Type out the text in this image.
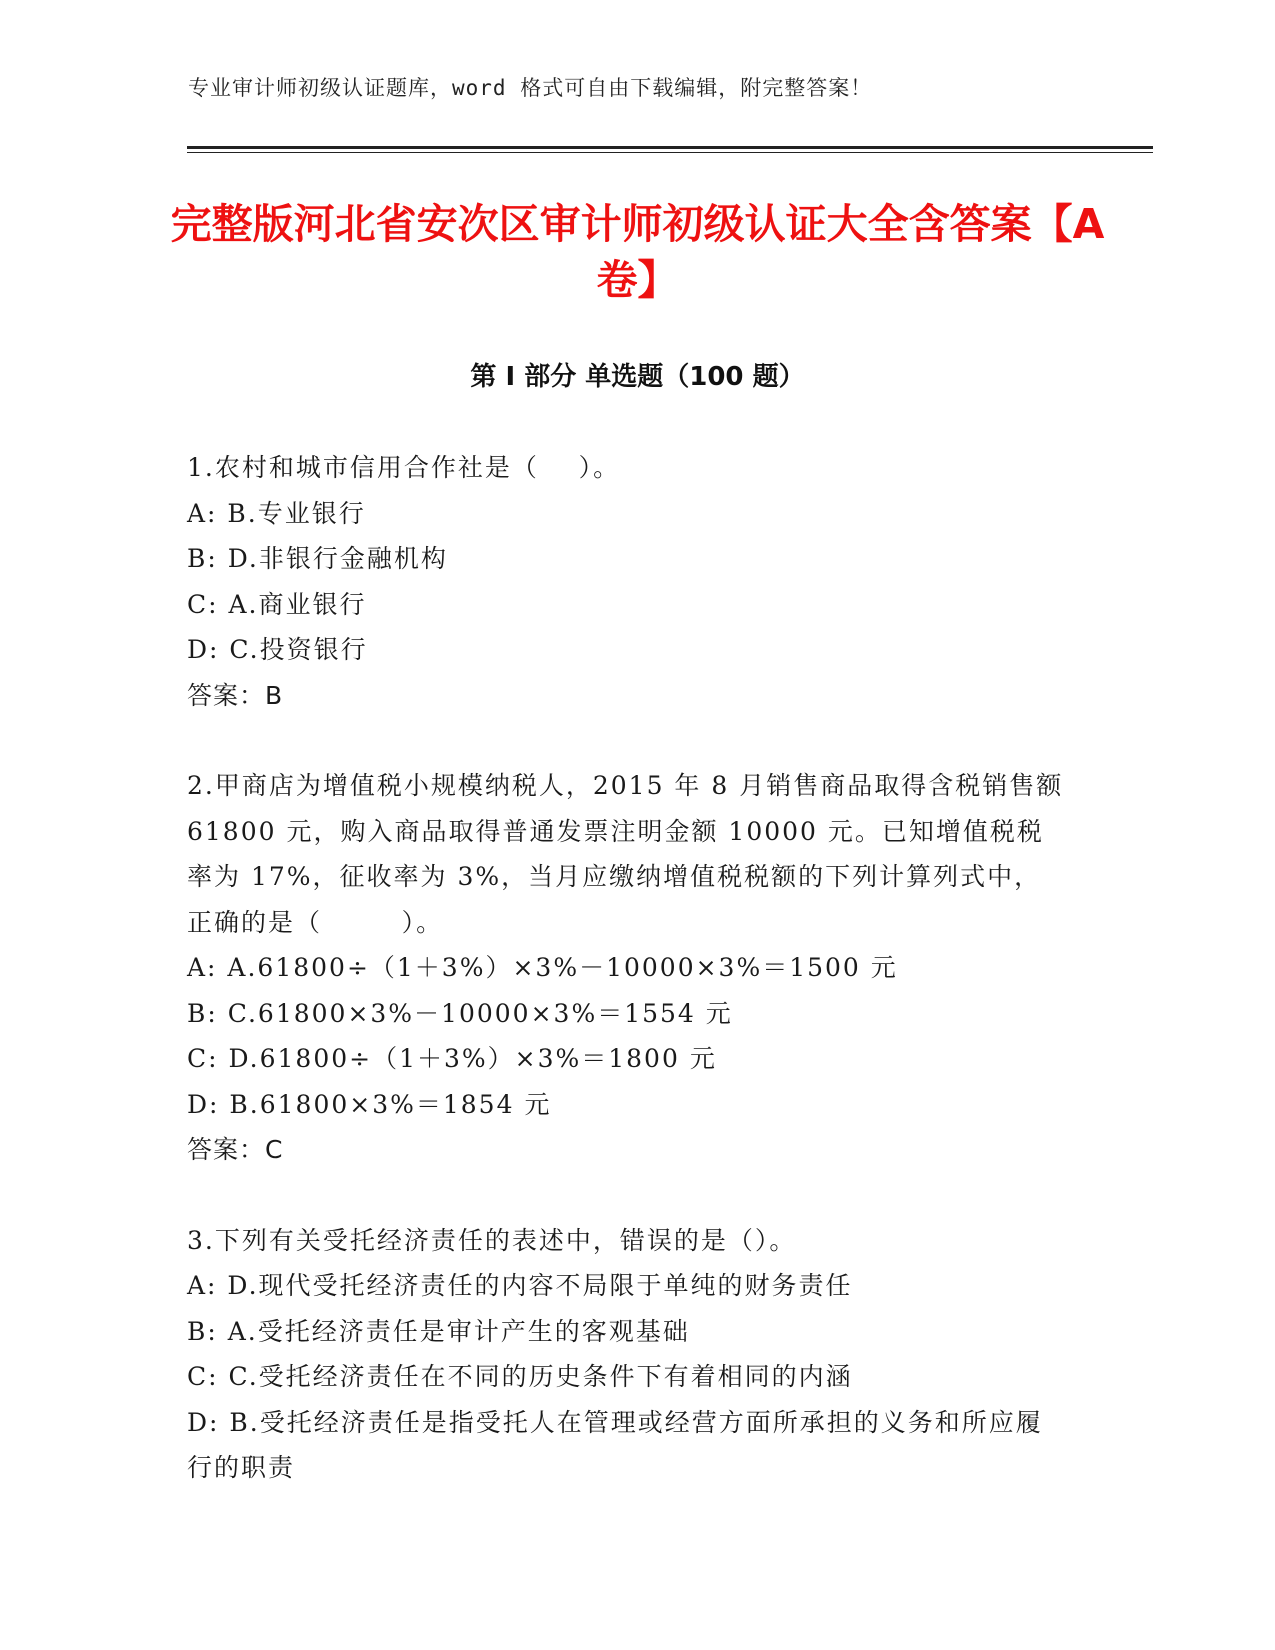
专业审计师初级认证题库，word 格式可自由下载编辑，附完整答案！
完整版河北省安次区审计师初级认证大全含答案【A 卷】
第 I 部分 单选题（100 题）
1.农村和城市信用合作社是（    ）。
A: B.专业银行
B: D.非银行金融机构
C: A.商业银行
D: C.投资银行
答案：B
2.甲商店为增值税小规模纳税人，2015 年 8 月销售商品取得含税销售额 61800 元，购入商品取得普通发票注明金额 10000 元。已知增值税税率为 17%，征收率为 3%，当月应缴纳增值税税额的下列计算列式中，正确的是（        ）。
A: A.61800÷（1＋3%）×3%－10000×3%＝1500 元
B: C.61800×3%－10000×3%＝1554 元
C: D.61800÷（1＋3%）×3%＝1800 元
D: B.61800×3%＝1854 元
答案：C
3.下列有关受托经济责任的表述中，错误的是（）。
A: D.现代受托经济责任的内容不局限于单纯的财务责任
B: A.受托经济责任是审计产生的客观基础
C: C.受托经济责任在不同的历史条件下有着相同的内涵
D: B.受托经济责任是指受托人在管理或经营方面所承担的义务和所应履行的职责
